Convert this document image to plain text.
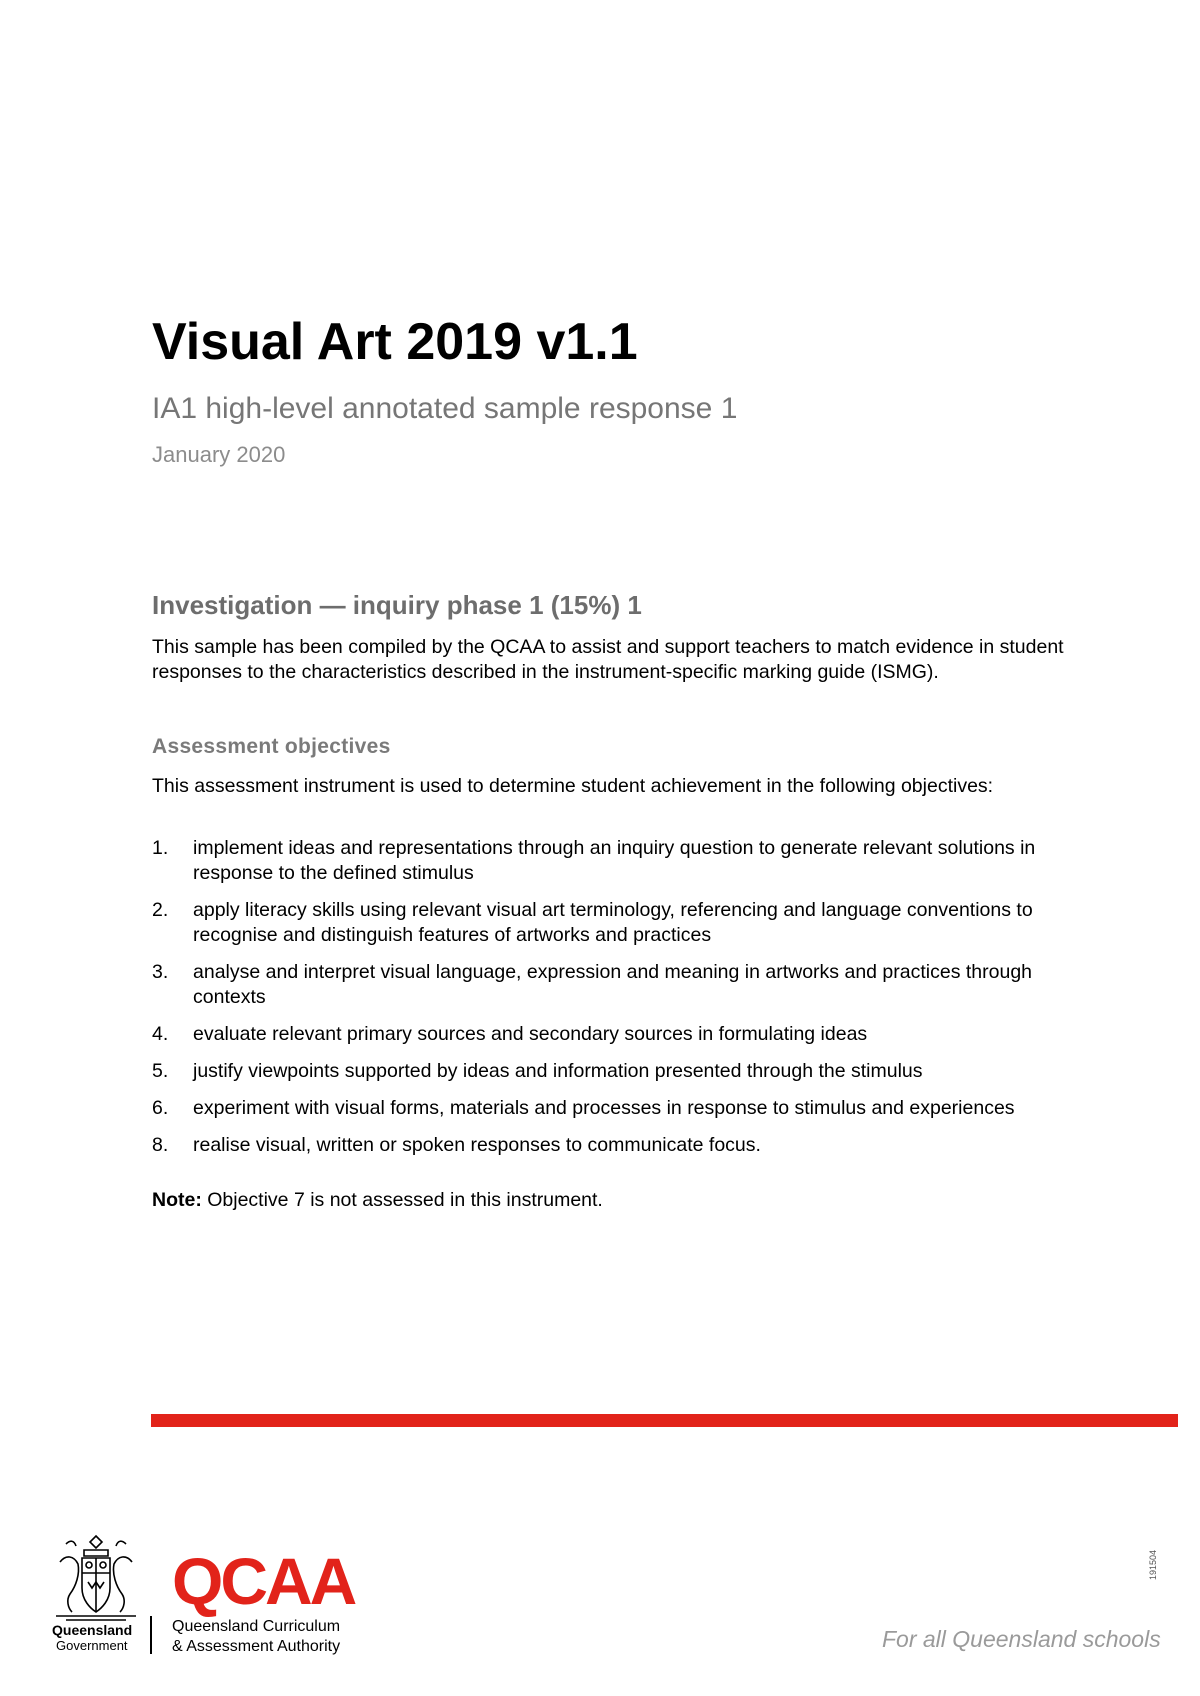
Visual Art 2019 v1.1
IA1 high-level annotated sample response 1
January 2020
Investigation — inquiry phase 1 (15%) 1
This sample has been compiled by the QCAA to assist and support teachers to match evidence in student responses to the characteristics described in the instrument-specific marking guide (ISMG).
Assessment objectives
This assessment instrument is used to determine student achievement in the following objectives:
1.	implement ideas and representations through an inquiry question to generate relevant solutions in response to the defined stimulus
2.	apply literacy skills using relevant visual art terminology, referencing and language conventions to recognise and distinguish features of artworks and practices
3.	analyse and interpret visual language, expression and meaning in artworks and practices through contexts
4.	evaluate relevant primary sources and secondary sources in formulating ideas
5.	justify viewpoints supported by ideas and information presented through the stimulus
6.	experiment with visual forms, materials and processes in response to stimulus and experiences
8.	realise visual, written or spoken responses to communicate focus.
Note: Objective 7 is not assessed in this instrument.
Queensland
Government
QCAA
Queensland Curriculum
& Assessment Authority	For all Queensland schools
191504
